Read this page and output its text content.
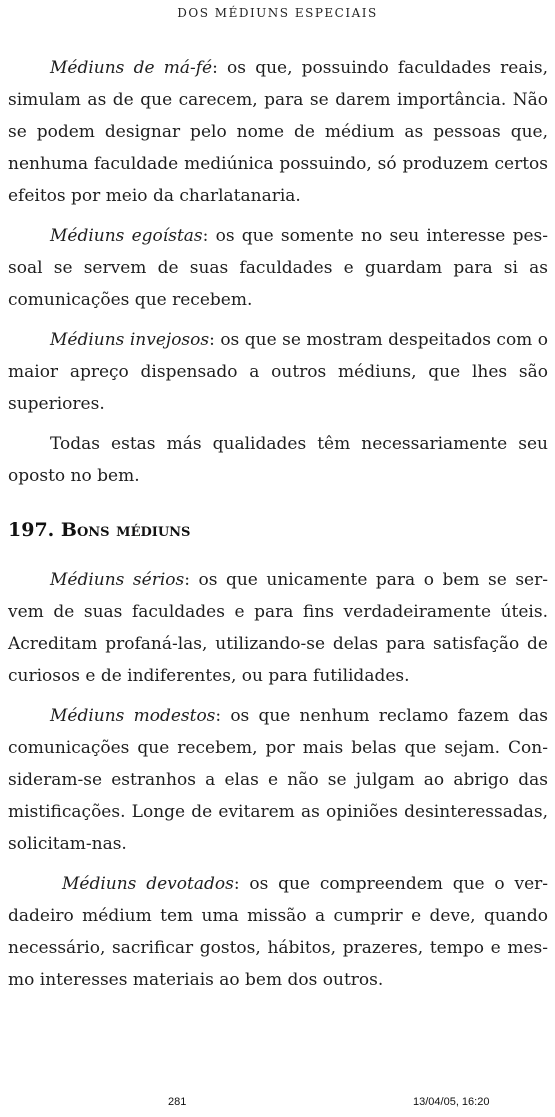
DOS MÉDIUNS ESPECIAIS

Médiuns de má-fé: os que, possuindo faculdades reais, simulam as de que carecem, para se darem importância. Não se podem designar pelo nome de médium as pessoas que, nenhuma faculdade mediúnica possuindo, só produzem certos efeitos por meio da charlatanaria.

Médiuns egoístas: os que somente no seu interesse pessoal se servem de suas faculdades e guardam para si as comunicações que recebem.

Médiuns invejosos: os que se mostram despeitados com o maior apreço dispensado a outros médiuns, que lhes são superiores.

Todas estas más qualidades têm necessariamente seu oposto no bem.

197. Bons médiuns

Médiuns sérios: os que unicamente para o bem se servem de suas faculdades e para fins verdadeiramente úteis. Acreditam profaná-las, utilizando-se delas para satisfação de curiosos e de indiferentes, ou para futilidades.

Médiuns modestos: os que nenhum reclamo fazem das comunicações que recebem, por mais belas que sejam. Consideram-se estranhos a elas e não se julgam ao abrigo das mistificações. Longe de evitarem as opiniões desinteressadas, solicitam-nas.

Médiuns devotados: os que compreendem que o verdadeiro médium tem uma missão a cumprir e deve, quando necessário, sacrificar gostos, hábitos, prazeres, tempo e mesmo interesses materiais ao bem dos outros.

281	13/04/05, 16:20
